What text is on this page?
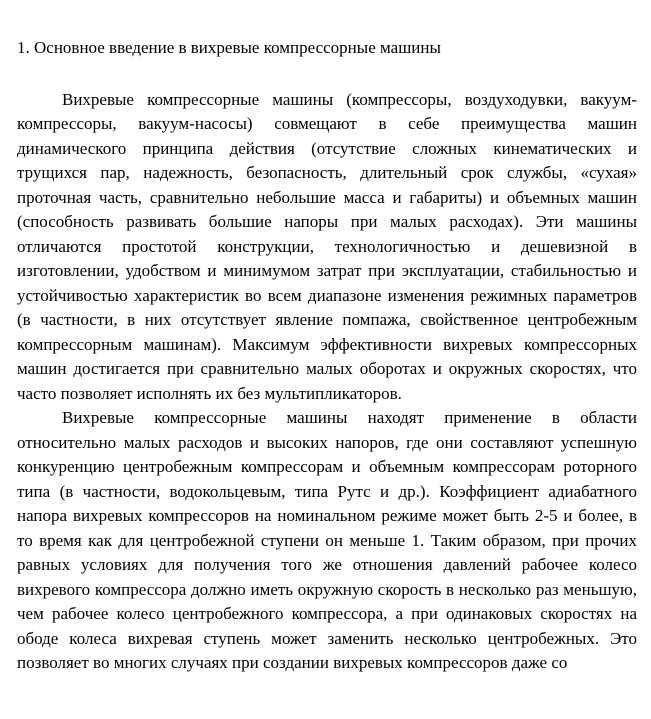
1. Основное введение в вихревые компрессорные машины

Вихревые компрессорные машины (компрессоры, воздуходувки, вакуум-компрессоры, вакуум-насосы) совмещают в себе преимущества машин динамического принципа действия (отсутствие сложных кинематических и трущихся пар, надежность, безопасность, длительный срок службы, «сухая» проточная часть, сравнительно небольшие масса и габариты) и объемных машин (способность развивать большие напоры при малых расходах). Эти машины отличаются простотой конструкции, технологичностью и дешевизной в изготовлении, удобством и минимумом затрат при эксплуатации, стабильностью и устойчивостью характеристик во всем диапазоне изменения режимных параметров (в частности, в них отсутствует явление помпажа, свойственное центробежным компрессорным машинам). Максимум эффективности вихревых компрессорных машин достигается при сравнительно малых оборотах и окружных скоростях, что часто позволяет исполнять их без мультипликаторов.

Вихревые компрессорные машины находят применение в области относительно малых расходов и высоких напоров, где они составляют успешную конкуренцию центробежным компрессорам и объемным компрессорам роторного типа (в частности, водокольцевым, типа Рутс и др.). Коэффициент адиабатного напора вихревых компрессоров на номинальном режиме может быть 2-5 и более, в то время как для центробежной ступени он меньше 1. Таким образом, при прочих равных условиях для получения того же отношения давлений рабочее колесо вихревого компрессора должно иметь окружную скорость в несколько раз меньшую, чем рабочее колесо центробежного компрессора, а при одинаковых скоростях на ободе колеса вихревая ступень может заменить несколько центробежных. Это позволяет во многих случаях при создании вихревых компрессоров даже со
